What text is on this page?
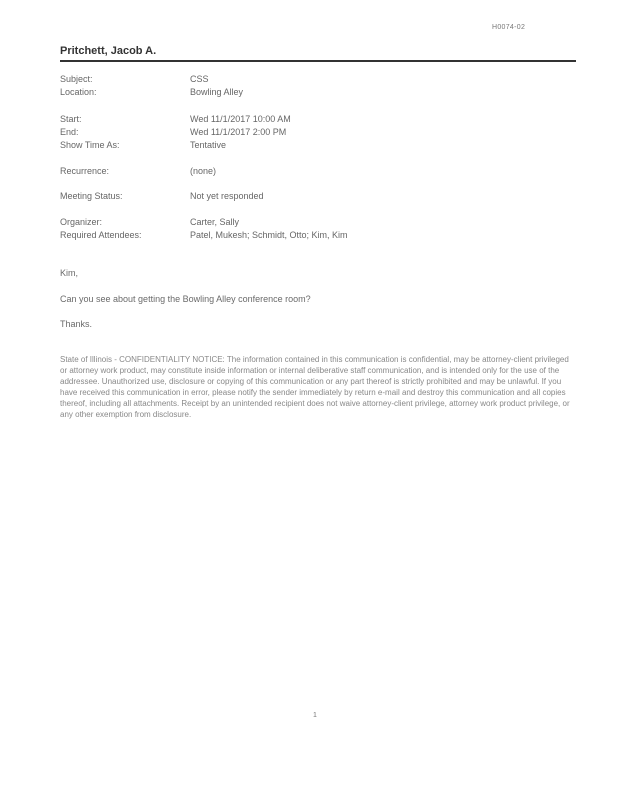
H0074-02
Pritchett, Jacob A.
Subject:	CSS
Location:	Bowling Alley
Start:	Wed 11/1/2017 10:00 AM
End:	Wed 11/1/2017 2:00 PM
Show Time As:	Tentative
Recurrence:	(none)
Meeting Status:	Not yet responded
Organizer:	Carter, Sally
Required Attendees:	Patel, Mukesh; Schmidt, Otto; Kim, Kim
Kim,
Can you see about getting the Bowling Alley conference room?
Thanks.
State of Illinois - CONFIDENTIALITY NOTICE: The information contained in this communication is confidential, may be attorney-client privileged or attorney work product, may constitute inside information or internal deliberative staff communication, and is intended only for the use of the addressee. Unauthorized use, disclosure or copying of this communication or any part thereof is strictly prohibited and may be unlawful. If you have received this communication in error, please notify the sender immediately by return e-mail and destroy this communication and all copies thereof, including all attachments. Receipt by an unintended recipient does not waive attorney-client privilege, attorney work product privilege, or any other exemption from disclosure.
1
